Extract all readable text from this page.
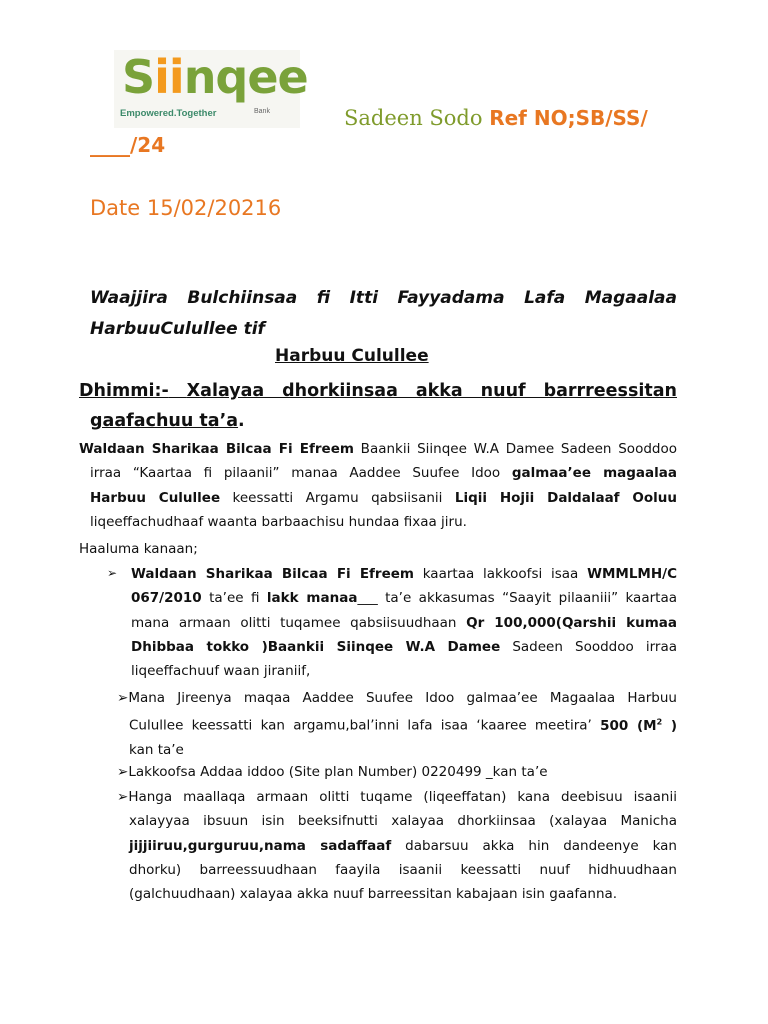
Siinqee
Empowered.Together	Bank	Sadeen Sodo Ref NO;SB/SS/
____/24
Date 15/02/20216
Waajjira Bulchiinsaa fi Itti Fayyadama Lafa Magaalaa
HarbuuCulullee tif
Harbuu Culullee
Dhimmi:- Xalayaa dhorkiinsaa akka nuuf barrreessitan
gaafachuu ta’a.
Waldaan Sharikaa Bilcaa Fi Efreem Baankii Siinqee W.A Damee Sadeen Sooddoo
irraa “Kaartaa fi pilaanii” manaa Aaddee Suufee Idoo galmaa’ee magaalaa
Harbuu Culullee keessatti Argamu qabsiisanii Liqii Hojii Daldalaaf Ooluu
liqeeffachudhaaf waanta barbaachisu hundaa fixaa jiru.
Haaluma kanaan;
➢ Waldaan Sharikaa Bilcaa Fi Efreem kaartaa lakkoofsi isaa WMMLMH/C
067/2010 ta’ee fi lakk manaa___ ta’e akkasumas “Saayit pilaaniii” kaartaa
mana armaan olitti tuqamee qabsiisuudhaan Qr 100,000(Qarshii kumaa
Dhibbaa tokko )Baankii Siinqee W.A Damee Sadeen Sooddoo irraa
liqeeffachuuf waan jiraniif,
➢Mana Jireenya maqaa Aaddee Suufee Idoo galmaa’ee Magaalaa Harbuu
Culullee keessatti kan argamu,bal’inni lafa isaa ‘kaaree meetira’ 500 ($M^2$ )
kan ta’e
➢Lakkoofsa Addaa iddoo (Site plan Number) 0220499 _kan ta’e
➢Hanga maallaqa armaan olitti tuqame (liqeeffatan) kana deebisuu isaanii
xalayyaa ibsuun isin beeksifnutti xalayaa dhorkiinsaa (xalayaa Manicha
jijjiiruu,gurguruu,nama sadaffaaf dabarsuu akka hin dandeenye kan
dhorku) barreessuudhaan faayila isaanii keessatti nuuf hidhuudhaan
(galchuudhaan) xalayaa akka nuuf barreessitan kabajaan isin gaafanna.
